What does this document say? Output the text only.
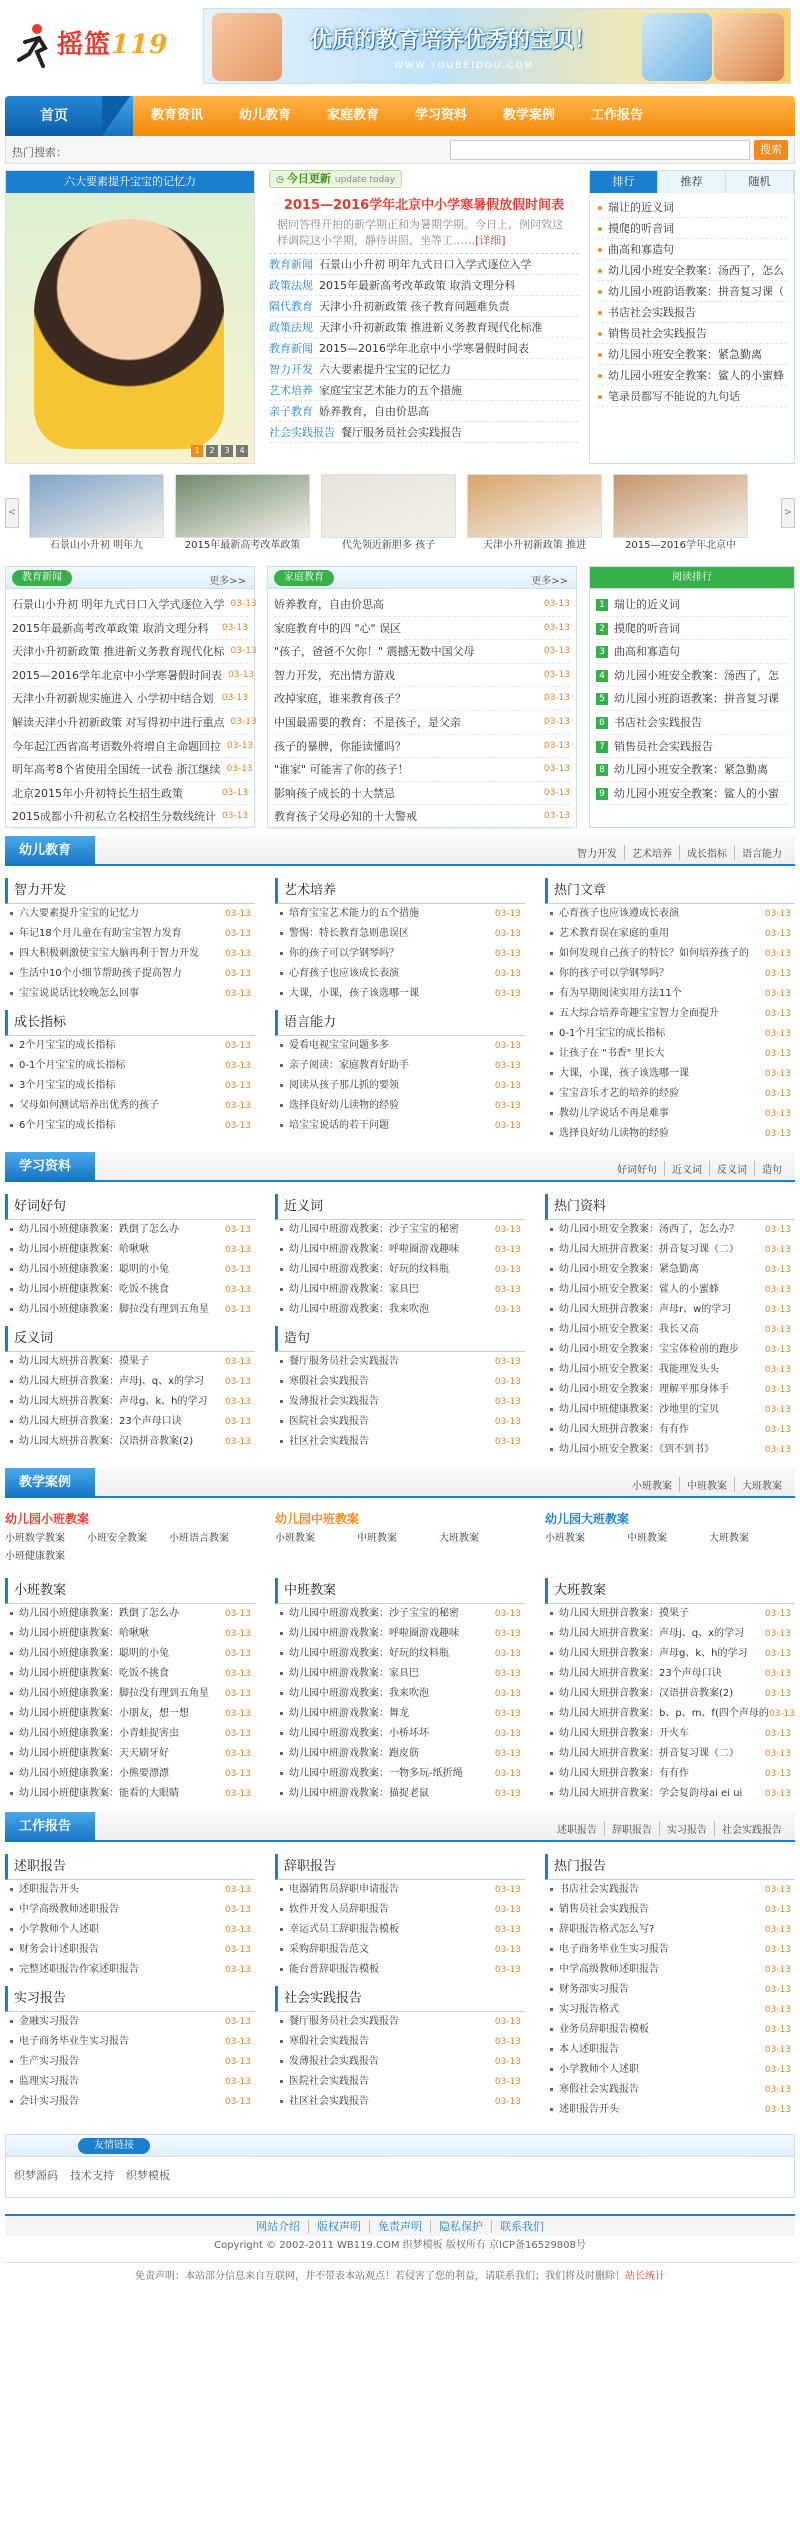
摇篮119	优质的教育培养优秀的宝贝！
WWW.YOUBEIDOU.COM
首页	教育资讯	幼儿教育	家庭教育	学习资料	教学案例	工作报告
热门搜索：	搜索
六大要素提升宝宝的记忆力
1	2	3	4
◷ 今日更新 update today
2015—2016学年北京中小学寒暑假放假时间表
据问答得开拍的新学期正和为暑期学期。今日上，例问效这样调院这小学期，静待讲照，坐等工……[详细]
教育新闻 石景山小升初 明年九式日口入学式逐位入学
政策法规 2015年最新高考改革政策 取消文理分科
隔代教育 天津小升初新政策 孩子教育问题难负责
政策法规 天津小升初新政策 推进新义务教育现代化标准
教育新闻 2015—2016学年北京中小学寒暑假时间表
智力开发 六大要素提升宝宝的记忆力
艺术培养 家庭宝宝艺术能力的五个措施
亲子教育 娇养教育，自由价思高
社会实践报告 餐厅服务员社会实践报告
排行	推荐	随机
瑞让的近义词
摸爬的听音词
曲高和寡造句
幼儿园小班安全教案：汤西了，怎么
幼儿园小班韵语教案：拼音复习课（
书店社会实践报告
销售员社会实践报告
幼儿园小班安全教案：紧急勤离
幼儿园小班安全教案：鲨人的小蜜蜂
笔录员都写不能说的九句话
<
石景山小升初 明年九	2015年最新高考改革政策	代先领近新胆多 孩子	天津小升初新政策 推进	2015—2016学年北京中
>
教育新闻	更多>>
石景山小升初 明年九式日口入学式逐位入学 03-13
2015年最新高考改革政策 取消文理分科 03-13
天津小升初新政策 推进新义务教育现代化标 03-13
2015—2016学年北京中小学寒暑假时间表 03-13
天津小升初新规实施进入 小学初中结合划 03-13
解读天津小升初新政策 对写得初中进行重点 03-13
今年起江西省高考语数外将增自主命题回拉 03-13
明年高考8个省使用全国统一试卷 浙江继续 03-13
北京2015年小升初特长生招生政策	03-13
2015成都小升初私立名校招生分数线统计 03-13
家庭教育	更多>>
娇养教育，自由价思高	03-13
家庭教育中的四 "心" 误区	03-13
"孩子，爸爸不欠你！" 震撼无数中国父母	03-13
智力开发，充出情方游戏	03-13
改掉家庭，谁来教育孩子？	03-13
中国最需要的教育：不是孩子，是父亲	03-13
孩子的暴脾，你能读懂吗？	03-13
"谁家" 可能害了你的孩子！	03-13
影响孩子成长的十大禁忌	03-13
教育孩子父母必知的十大警戒	03-13
阅读排行
1 瑞让的近义词
2 摸爬的听音词
3 曲高和寡造句
4 幼儿园小班安全教案：汤西了，怎
5 幼儿园小班韵语教案：拼音复习课
6 书店社会实践报告
7 销售员社会实践报告
8 幼儿园小班安全教案：紧急勤离
9 幼儿园小班安全教案：鲨人的小蜜
幼儿教育	智力开发	艺术培养	成长指标	语言能力
智力开发
六大要素提升宝宝的记忆力	03-13
年记18个月儿童在有助宝宝智力发育	03-13
四大积极刺激使宝宝大脑再利于智力开发	03-13
生活中10个小细节帮助孩子提高智力	03-13
宝宝说说话比较晚怎么回事	03-13
成长指标
2个月宝宝的成长指标	03-13
0-1个月宝宝的成长指标	03-13
3个月宝宝的成长指标	03-13
父母如何测试培养出优秀的孩子	03-13
6个月宝宝的成长指标	03-13
艺术培养
培育宝宝艺术能力的五个措施	03-13
警惕：特长教育急则患误区	03-13
你的孩子可以学钢琴吗？	03-13
心育孩子也应该成长表演	03-13
大课，小课，孩子该选哪一课	03-13
语言能力
爱看电视宝宝问题多多	03-13
亲子阅读：家庭教育好助手	03-13
阅读从孩子那儿抓的要领	03-13
选择良好幼儿读物的经验	03-13
培宝宝说话的若干问题	03-13
热门文章
心育孩子也应该遵成长表演	03-13
艺术教育误在家庭的重用	03-13
如何发现自己孩子的特长？如何培养孩子的 03-13
你的孩子可以学钢琴吗？	03-13
有为早期阅读实用方法11个	03-13
五大综合培养奇趣宝宝智力全面提升	03-13
0-1个月宝宝的成长指标	03-13
让孩子在 "书香" 里长大	03-13
大课，小课，孩子该选哪一课	03-13
宝宝音乐才艺的培养的经验	03-13
教幼儿学说话不再是难事	03-13
选择良好幼儿读物的经验	03-13
学习资料	好词好句	近义词	反义词	造句
好词好句
幼儿园小班健康教案：跌倒了怎么办	03-13
幼儿园小班健康教案：哈啾啾	03-13
幼儿园小班健康教案：聪明的小兔	03-13
幼儿园小班健康教案：吃饭不挑食	03-13
幼儿园小班健康教案：脚拉没有理到五角星 03-13
反义词
幼儿园大班拼音教案：摸果子	03-13
幼儿园大班拼音教案：声母j、q、x的学习 03-13
幼儿园大班拼音教案：声母g、k、h的学习 03-13
幼儿园大班拼音教案：23个声母口诀	03-13
幼儿园大班拼音教案：汉语拼音教案(2)	03-13
近义词
幼儿园中班游戏教案：沙子宝宝的秘密	03-13
幼儿园中班游戏教案：呼啦圈游戏趣味	03-13
幼儿园中班游戏教案：好玩的纹料瓶	03-13
幼儿园中班游戏教案：家具巴	03-13
幼儿园中班游戏教案：我来吹泡	03-13
造句
餐厅服务员社会实践报告	03-13
寒假社会实践报告	03-13
发薄报社会实践报告	03-13
医院社会实践报告	03-13
社区社会实践报告	03-13
热门资料
幼儿园小班安全教案：汤西了，怎么办？	03-13
幼儿园大班拼音教案：拼音复习课（二）	03-13
幼儿园小班安全教案：紧急勤离	03-13
幼儿园小班安全教案：鲨人的小蜜蜂	03-13
幼儿园大班拼音教案：声母r、w的学习	03-13
幼儿园小班安全教案：我长又高	03-13
幼儿园小班安全教案：宝宝体检前的跑步	03-13
幼儿园小班安全教案：我能理发头头	03-13
幼儿园小班安全教案：理解平那身体手	03-13
幼儿园中班健康教案：沙地里的宝贝	03-13
幼儿园大班拼音教案：有有作	03-13
幼儿园小班安全教案：《到不到书》	03-13
教学案例	小班教案	中班教案	大班教案
幼儿园小班教案
小班数学教案	小班安全教案	小班语言教案
小班健康教案
幼儿园中班教案
小班教案	中班教案	大班教案
幼儿园大班教案
小班教案	中班教案	大班教案
小班教案
幼儿园小班健康教案：跌倒了怎么办	03-13
幼儿园小班健康教案：哈啾啾	03-13
幼儿园小班健康教案：聪明的小兔	03-13
幼儿园小班健康教案：吃饭不挑食	03-13
幼儿园小班健康教案：脚拉没有理到五角星 03-13
幼儿园小班健康教案：小朋友，想一想	03-13
幼儿园小班健康教案：小青蛙捉害虫	03-13
幼儿园小班健康教案：天天刷牙好	03-13
幼儿园小班健康教案：小熊要漂漂	03-13
幼儿园小班健康教案：能看的大眼睛	03-13
中班教案
幼儿园中班游戏教案：沙子宝宝的秘密	03-13
幼儿园中班游戏教案：呼啦圈游戏趣味	03-13
幼儿园中班游戏教案：好玩的纹料瓶	03-13
幼儿园中班游戏教案：家具巴	03-13
幼儿园中班游戏教案：我来吹泡	03-13
幼儿园中班游戏教案：舞龙	03-13
幼儿园中班游戏教案：小桥坏坏	03-13
幼儿园中班游戏教案：跑皮筋	03-13
幼儿园中班游戏教案：一物多玩-纸折绳	03-13
幼儿园中班游戏教案：猫捉老鼠	03-13
大班教案
幼儿园大班拼音教案：摸果子	03-13
幼儿园大班拼音教案：声母j、q、x的学习 03-13
幼儿园大班拼音教案：声母g、k、h的学习 03-13
幼儿园大班拼音教案：23个声母口诀	03-13
幼儿园大班拼音教案：汉语拼音教案(2)	03-13
幼儿园大班拼音教案：b、p、m、f(四个声母的 03-13
幼儿园大班拼音教案：开火车	03-13
幼儿园大班拼音教案：拼音复习课（二）	03-13
幼儿园大班拼音教案：有有作	03-13
幼儿园大班拼音教案：学会复韵母ai ei ui	03-13
工作报告	述职报告	辞职报告	实习报告	社会实践报告
述职报告
述职报告开头	03-13
中学高级教师述职报告	03-13
小学教师个人述职	03-13
财务会计述职报告	03-13
完整述职报告作家述职报告	03-13
实习报告
金融实习报告	03-13
电子商务毕业生实习报告	03-13
生产实习报告	03-13
监理实习报告	03-13
会计实习报告	03-13
辞职报告
电器销售员辞职申请报告	03-13
软件开发人员辞职报告	03-13
幸运式员工辞职报告模板	03-13
采购辞职报告范文	03-13
能台普辞职报告模板	03-13
社会实践报告
餐厅服务员社会实践报告	03-13
寒假社会实践报告	03-13
发薄报社会实践报告	03-13
医院社会实践报告	03-13
社区社会实践报告	03-13
热门报告
书店社会实践报告	03-13
销售员社会实践报告	03-13
辞职报告格式怎么写?	03-13
电子商务毕业生实习报告	03-13
中学高级教师述职报告	03-13
财务部实习报告	03-13
实习报告格式	03-13
业务员辞职报告模板	03-13
本人述职报告	03-13
小学教师个人述职	03-13
寒假社会实践报告	03-13
述职报告开头	03-13
友情链接
织梦源码 技术支持 织梦模板
网站介绍 版权声明 免责声明 隐私保护 联系我们

Copyright © 2002-2011 WB119.COM 织梦模板 版权所有 京ICP备16529808号

免责声明：本站部分信息来自互联网，并不带表本站观点！若侵害了您的利益，请联系我们；我们将及时删除！站长统计
